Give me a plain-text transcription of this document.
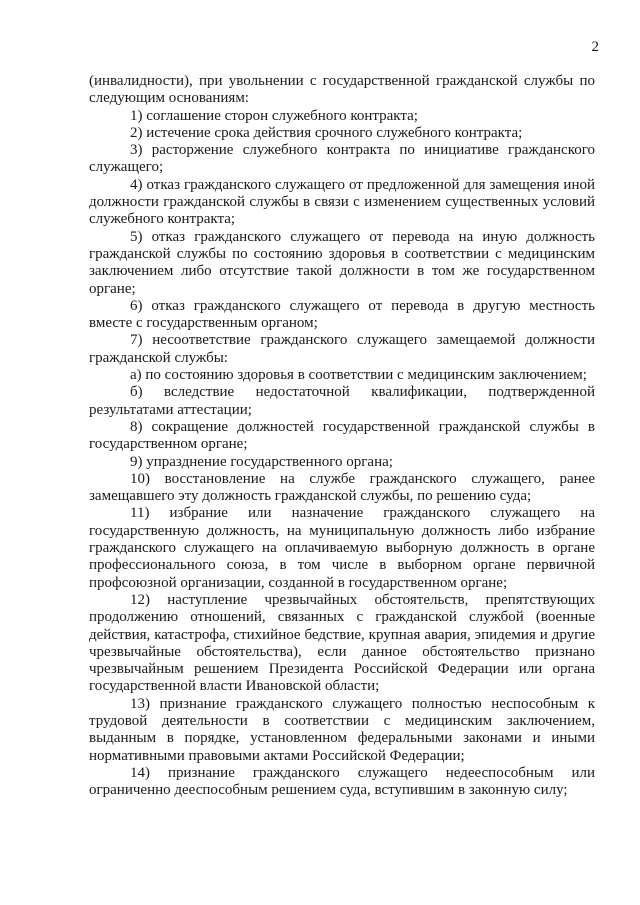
2

(инвалидности), при увольнении с государственной гражданской службы по следующим основаниям:

1) соглашение сторон служебного контракта;

2) истечение срока действия срочного служебного контракта;

3) расторжение служебного контракта по инициативе гражданского служащего;

4) отказ гражданского служащего от предложенной для замещения иной должности гражданской службы в связи с изменением существенных условий служебного контракта;

5) отказ гражданского служащего от перевода на иную должность гражданской службы по состоянию здоровья в соответствии с медицинским заключением либо отсутствие такой должности в том же государственном органе;

6) отказ гражданского служащего от перевода в другую местность вместе с государственным органом;

7) несоответствие гражданского служащего замещаемой должности гражданской службы:

а) по состоянию здоровья в соответствии с медицинским заключением;

б) вследствие недостаточной квалификации, подтвержденной результатами аттестации;

8) сокращение должностей государственной гражданской службы в государственном органе;

9) упразднение государственного органа;

10) восстановление на службе гражданского служащего, ранее замещавшего эту должность гражданской службы, по решению суда;

11) избрание или назначение гражданского служащего на государственную должность, на муниципальную должность либо избрание гражданского служащего на оплачиваемую выборную должность в органе профессионального союза, в том числе в выборном органе первичной профсоюзной организации, созданной в государственном органе;

12) наступление чрезвычайных обстоятельств, препятствующих продолжению отношений, связанных с гражданской службой (военные действия, катастрофа, стихийное бедствие, крупная авария, эпидемия и другие чрезвычайные обстоятельства), если данное обстоятельство признано чрезвычайным решением Президента Российской Федерации или органа государственной власти Ивановской области;

13) признание гражданского служащего полностью неспособным к трудовой деятельности в соответствии с медицинским заключением, выданным в порядке, установленном федеральными законами и иными нормативными правовыми актами Российской Федерации;

14) признание гражданского служащего недееспособным или ограниченно дееспособным решением суда, вступившим в законную силу;
